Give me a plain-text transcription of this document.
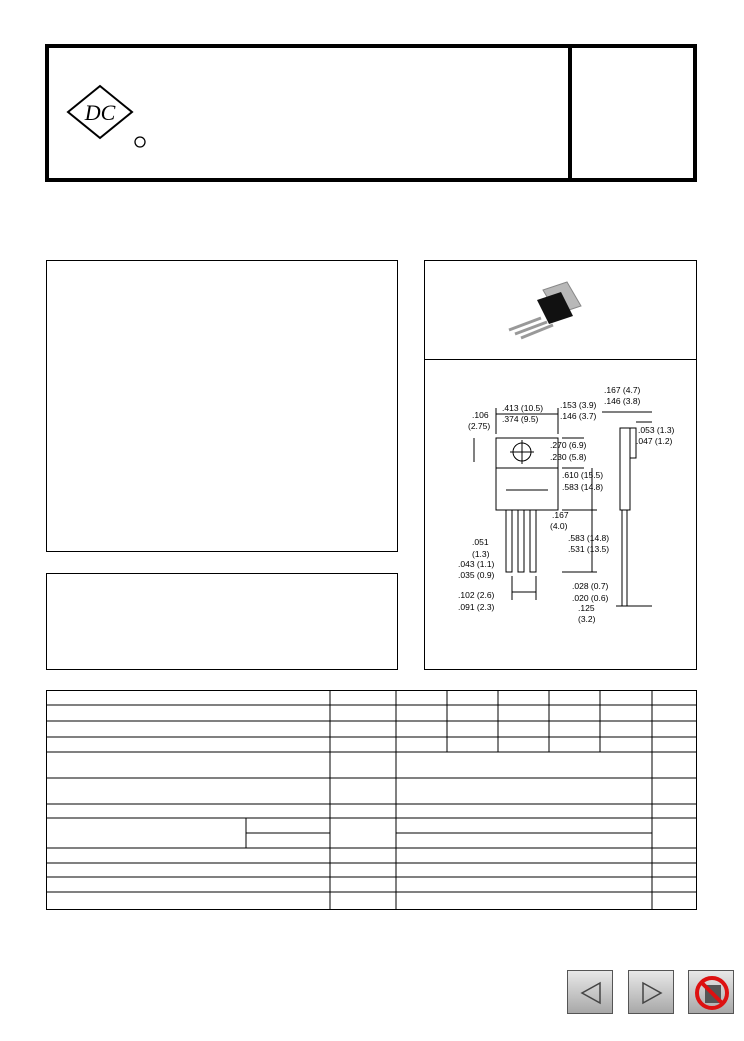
DC
.413 (10.5)
.374 (9.5)
.153 (3.9)
.146 (3.7)
.167 (4.7)
.146 (3.8)
.106
(2.75)
.270 (6.9)
.230 (5.8)
.053 (1.3)
.047 (1.2)
.610 (15.5)
.583 (14.8)
.167
(4.0)
.583 (14.8)
.531 (13.5)
.051
(1.3)
.043 (1.1)
.035 (0.9)
.028 (0.7)
.020 (0.6)
.125
(3.2)
.102 (2.6)
.091 (2.3)
